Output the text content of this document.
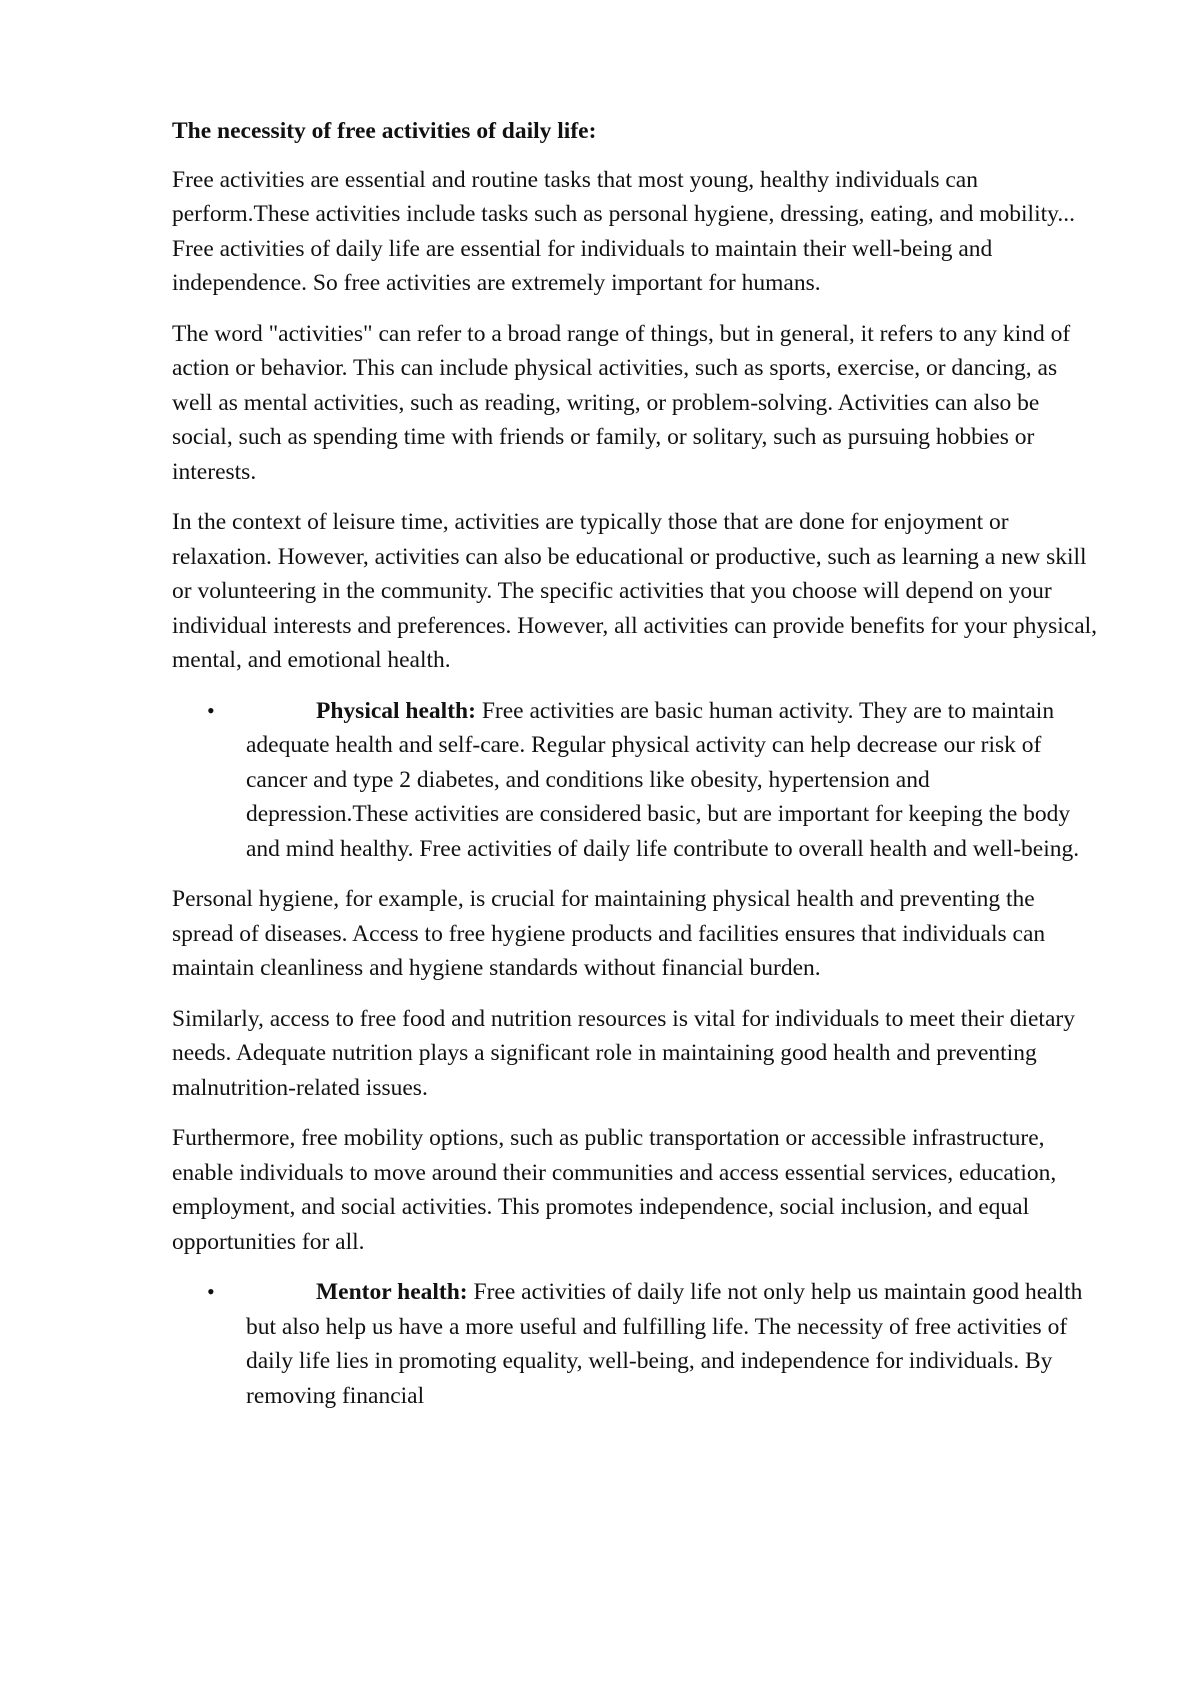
The necessity of free activities of daily life:

Free activities are essential and routine tasks that most young, healthy individuals can perform.These activities include tasks such as personal hygiene, dressing, eating, and mobility... Free activities of daily life are essential for individuals to maintain their well-being and independence. So free activities are extremely important for humans.

The word "activities" can refer to a broad range of things, but in general, it refers to any kind of action or behavior. This can include physical activities, such as sports, exercise, or dancing, as well as mental activities, such as reading, writing, or problem-solving. Activities can also be social, such as spending time with friends or family, or solitary, such as pursuing hobbies or interests.

In the context of leisure time, activities are typically those that are done for enjoyment or relaxation. However, activities can also be educational or productive, such as learning a new skill or volunteering in the community. The specific activities that you choose will depend on your individual interests and preferences. However, all activities can provide benefits for your physical, mental, and emotional health.

•	Physical health: Free activities are basic human activity. They are to maintain adequate health and self-care. Regular physical activity can help decrease our risk of cancer and type 2 diabetes, and conditions like obesity, hypertension and depression.These activities are considered basic, but are important for keeping the body and mind healthy. Free activities of daily life contribute to overall health and well-being.

Personal hygiene, for example, is crucial for maintaining physical health and preventing the spread of diseases. Access to free hygiene products and facilities ensures that individuals can maintain cleanliness and hygiene standards without financial burden.

Similarly, access to free food and nutrition resources is vital for individuals to meet their dietary needs. Adequate nutrition plays a significant role in maintaining good health and preventing malnutrition-related issues.

Furthermore, free mobility options, such as public transportation or accessible infrastructure, enable individuals to move around their communities and access essential services, education, employment, and social activities. This promotes independence, social inclusion, and equal opportunities for all.

•	Mentor health: Free activities of daily life not only help us maintain good health but also help us have a more useful and fulfilling life. The necessity of free activities of daily life lies in promoting equality, well-being, and independence for individuals. By removing financial
